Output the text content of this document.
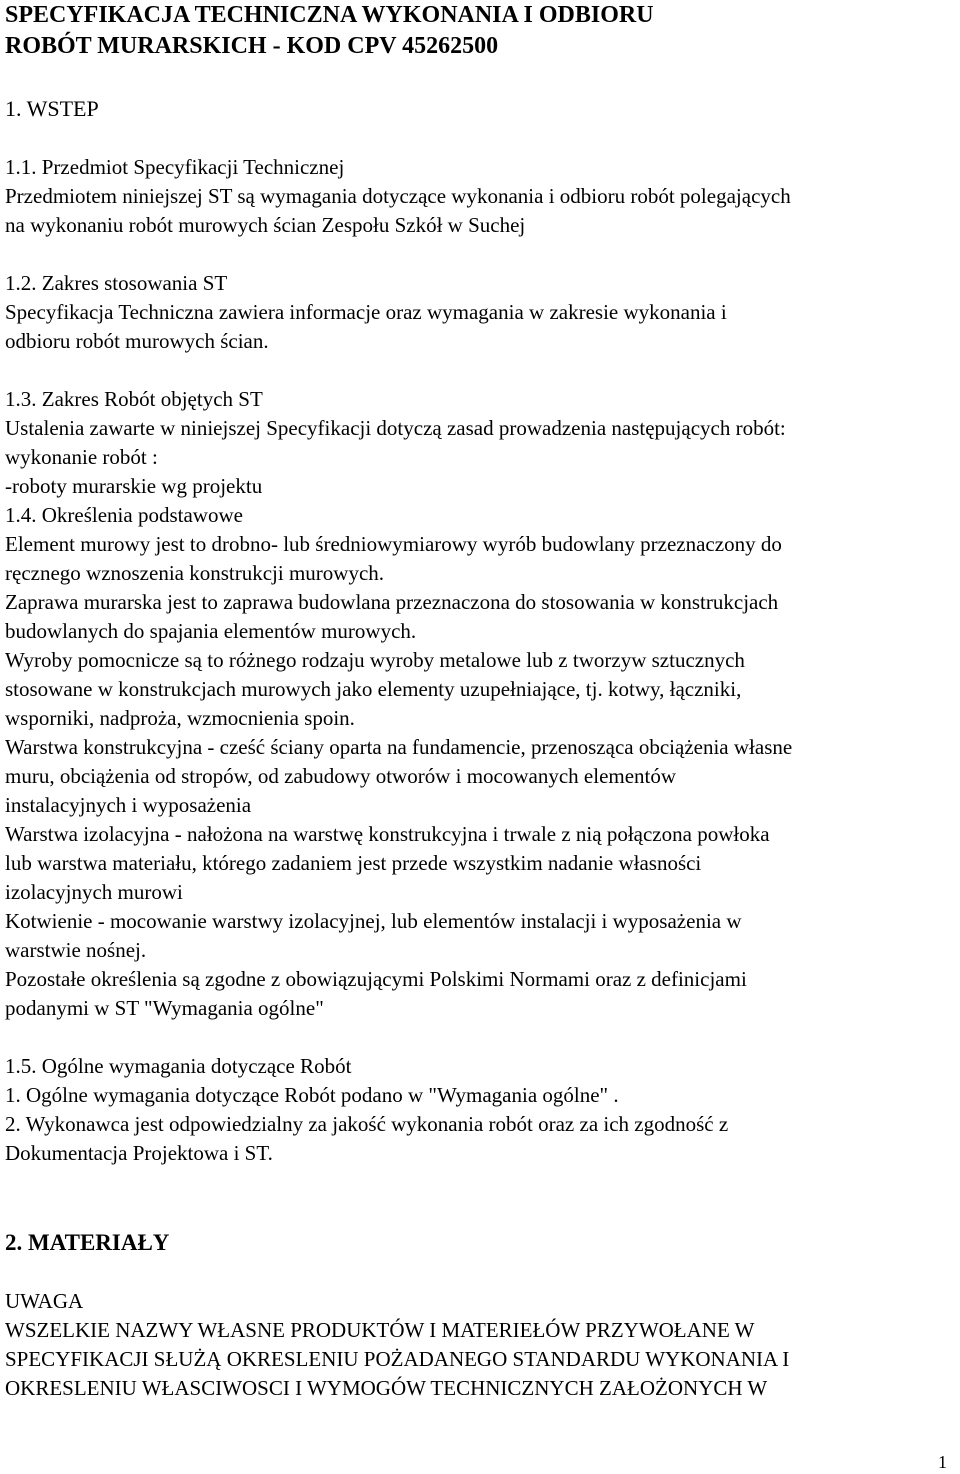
SPECYFIKACJA TECHNICZNA WYKONANIA I ODBIORU
ROBÓT MURARSKICH - KOD CPV 45262500
1. WSTEP
1.1. Przedmiot Specyfikacji Technicznej
Przedmiotem niniejszej ST są wymagania dotyczące wykonania i odbioru robót polegających
na wykonaniu robót murowych ścian Zespołu Szkół w Suchej
1.2. Zakres stosowania ST
Specyfikacja Techniczna zawiera informacje oraz wymagania w zakresie wykonania i
odbioru robót murowych ścian.
1.3. Zakres Robót objętych ST
Ustalenia zawarte w niniejszej Specyfikacji dotyczą zasad prowadzenia następujących robót:
wykonanie robót :
-roboty murarskie wg projektu
1.4. Określenia podstawowe
Element murowy jest to drobno- lub średniowymiarowy wyrób budowlany przeznaczony do
ręcznego wznoszenia konstrukcji murowych.
Zaprawa murarska jest to zaprawa budowlana przeznaczona do stosowania w konstrukcjach
budowlanych do spajania elementów murowych.
Wyroby pomocnicze są to różnego rodzaju wyroby metalowe lub z tworzyw sztucznych
stosowane w konstrukcjach murowych jako elementy uzupełniające, tj. kotwy, łączniki,
wsporniki, nadproża, wzmocnienia spoin.
Warstwa konstrukcyjna - cześć ściany oparta na fundamencie, przenosząca obciążenia własne
muru, obciążenia od stropów, od zabudowy otworów i mocowanych elementów
instalacyjnych i wyposażenia
Warstwa izolacyjna - nałożona na warstwę konstrukcyjna i trwale z nią połączona powłoka
lub warstwa materiału, którego zadaniem jest przede wszystkim nadanie własności
izolacyjnych murowi
Kotwienie - mocowanie warstwy izolacyjnej, lub elementów instalacji i wyposażenia w
warstwie nośnej.
Pozostałe określenia są zgodne z obowiązującymi Polskimi Normami oraz z definicjami
podanymi w ST "Wymagania ogólne"
1.5. Ogólne wymagania dotyczące Robót
1. Ogólne wymagania dotyczące Robót podano w "Wymagania ogólne" .
2. Wykonawca jest odpowiedzialny za jakość wykonania robót oraz za ich zgodność z
Dokumentacja Projektowa i ST.
2. MATERIAŁY
UWAGA
WSZELKIE NAZWY WŁASNE PRODUKTÓW I MATERIEŁÓW PRZYWOŁANE W
SPECYFIKACJI SŁUŻĄ OKRESLENIU POŻADANEGO STANDARDU WYKONANIA I
OKRESLENIU WŁASCIWOSCI I WYMOGÓW TECHNICZNYCH ZAŁOŻONYCH W
1
